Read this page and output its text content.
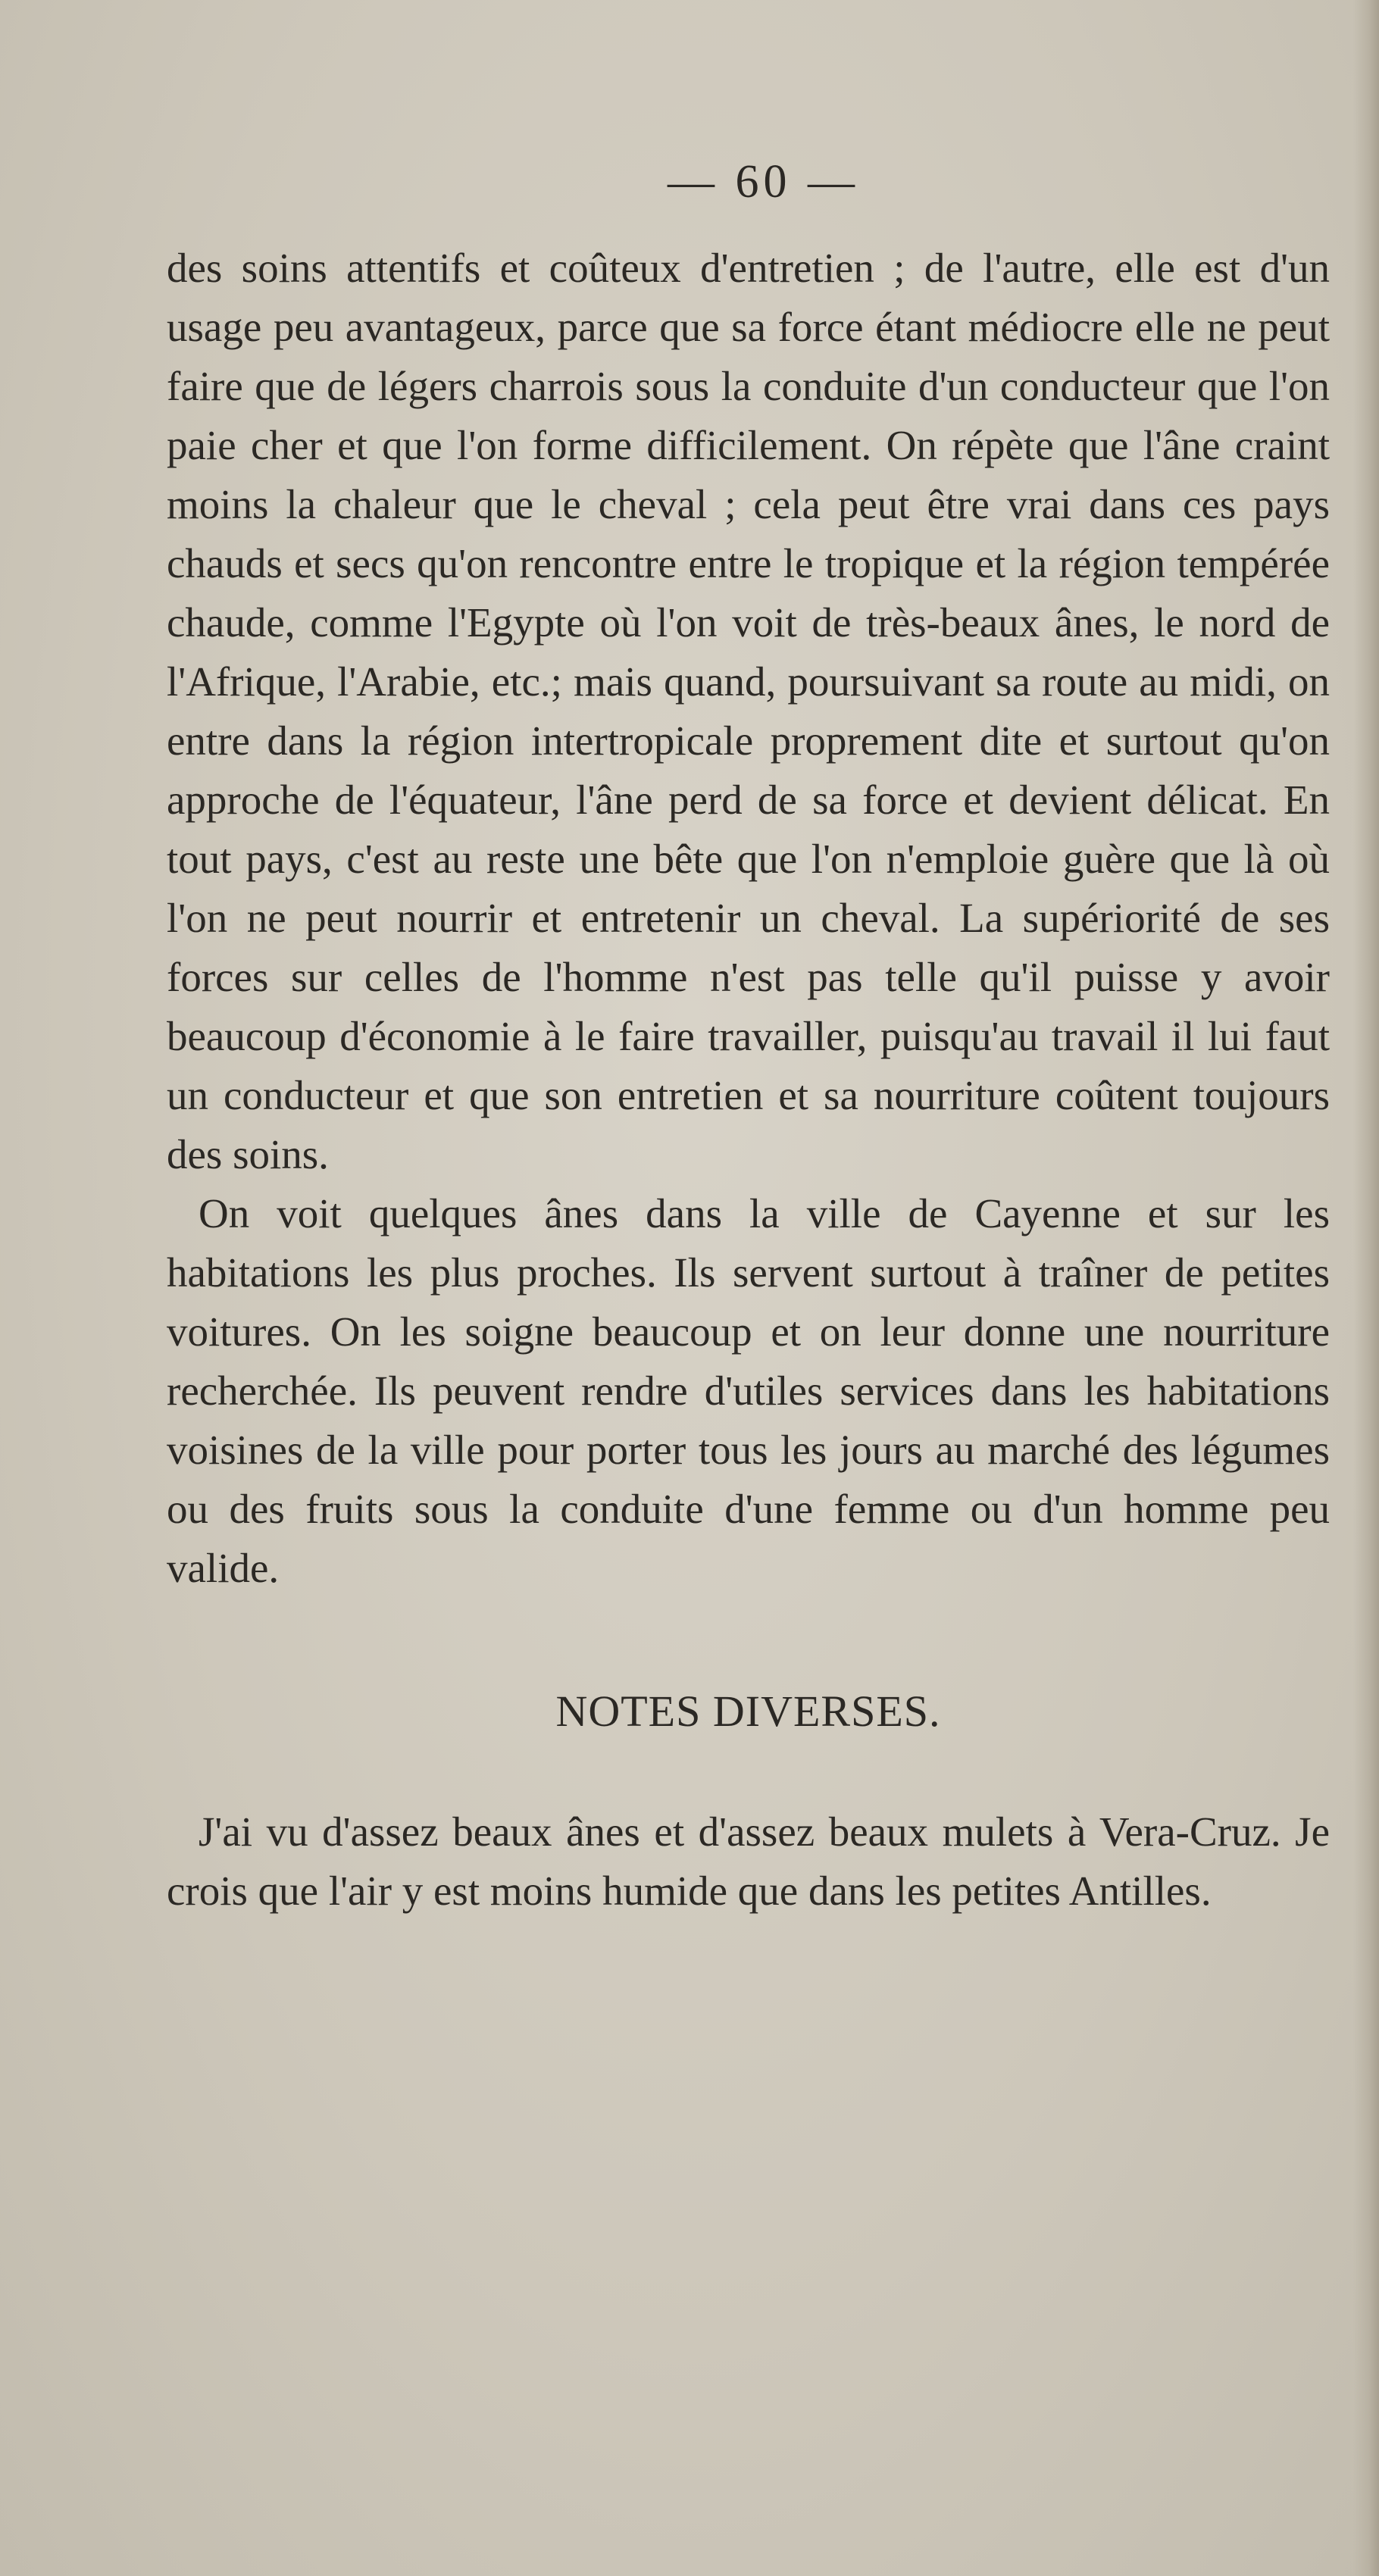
— 60 —

des soins attentifs et coûteux d'entretien ; de l'autre, elle est d'un usage peu avantageux, parce que sa force étant médiocre elle ne peut faire que de légers charrois sous la conduite d'un conducteur que l'on paie cher et que l'on forme difficilement. On répète que l'âne craint moins la chaleur que le cheval ; cela peut être vrai dans ces pays chauds et secs qu'on rencontre entre le tropique et la région tempérée chaude, comme l'Egypte où l'on voit de très-beaux ânes, le nord de l'Afrique, l'Arabie, etc.; mais quand, poursuivant sa route au midi, on entre dans la région intertropicale proprement dite et surtout qu'on approche de l'équateur, l'âne perd de sa force et devient délicat. En tout pays, c'est au reste une bête que l'on n'emploie guère que là où l'on ne peut nourrir et entretenir un cheval. La supériorité de ses forces sur celles de l'homme n'est pas telle qu'il puisse y avoir beaucoup d'économie à le faire travailler, puisqu'au travail il lui faut un conducteur et que son entretien et sa nourriture coûtent toujours des soins.

On voit quelques ânes dans la ville de Cayenne et sur les habitations les plus proches. Ils servent surtout à traîner de petites voitures. On les soigne beaucoup et on leur donne une nourriture recherchée. Ils peuvent rendre d'utiles services dans les habitations voisines de la ville pour porter tous les jours au marché des légumes ou des fruits sous la conduite d'une femme ou d'un homme peu valide.

NOTES DIVERSES.

J'ai vu d'assez beaux ânes et d'assez beaux mulets à Vera-Cruz. Je crois que l'air y est moins humide que dans les petites Antilles.
